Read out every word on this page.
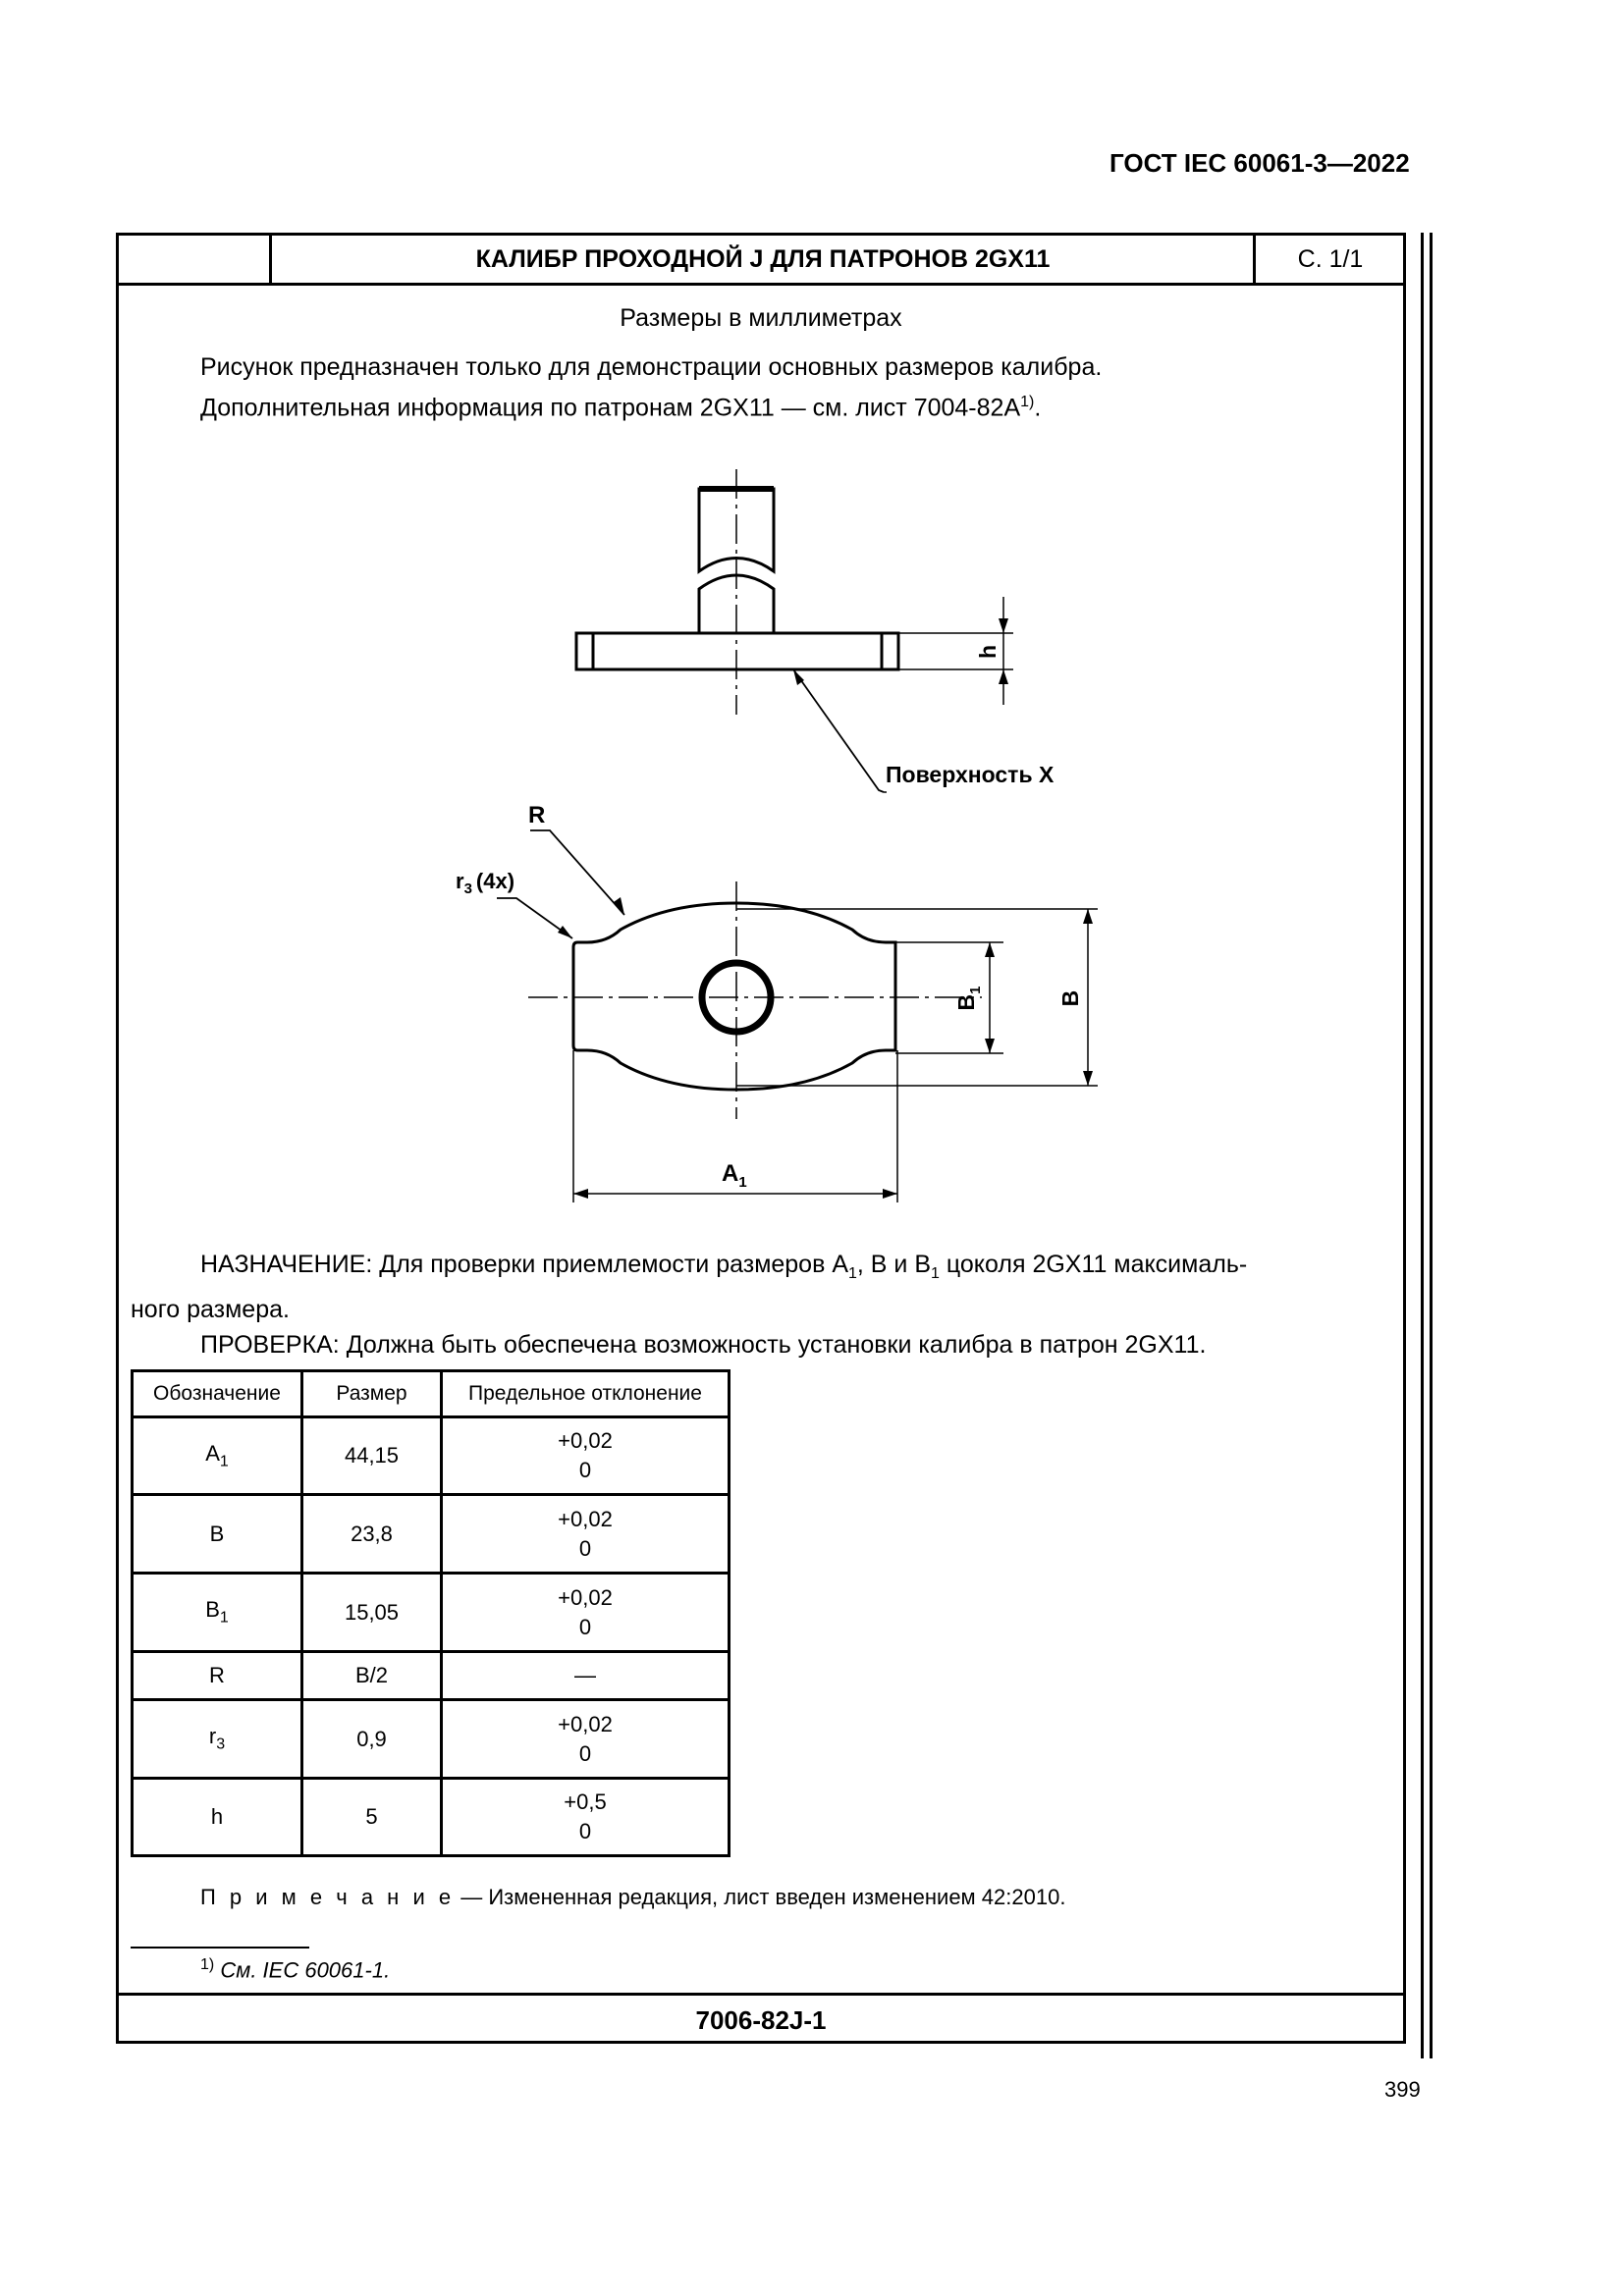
ГОСТ IEC 60061-3—2022
КАЛИБР ПРОХОДНОЙ J ДЛЯ ПАТРОНОВ 2GX11	С. 1/1
Размеры в миллиметрах
Рисунок предназначен только для демонстрации основных размеров калибра.
Дополнительная информация по патронам 2GX11 — см. лист $7004-82A^{1)}$.
Поверхность X
h
R
$r_3$ (4x)
$B_1$	B
$A_1$
НАЗНАЧЕНИЕ: Для проверки приемлемости размеров $A_1$, B и $B_1$ цоколя 2GX11 максималь-
ного размера.
ПРОВЕРКА: Должна быть обеспечена возможность установки калибра в патрон 2GX11.
Обозначение	Размер	Предельное отклонение
$A_1$	44,15	+0,02
0

B	23,8	+0,02
0

$B_1$	15,05	+0,02
0

R	B/2	—
$r_3$	0,9	+0,02
0

h	5	+0,5
0
П р и м е ч а н и е — Измененная редакция, лист введен изменением 42:2010.
$^{1)}$ См. IEC 60061-1.
7006-82J-1
399
